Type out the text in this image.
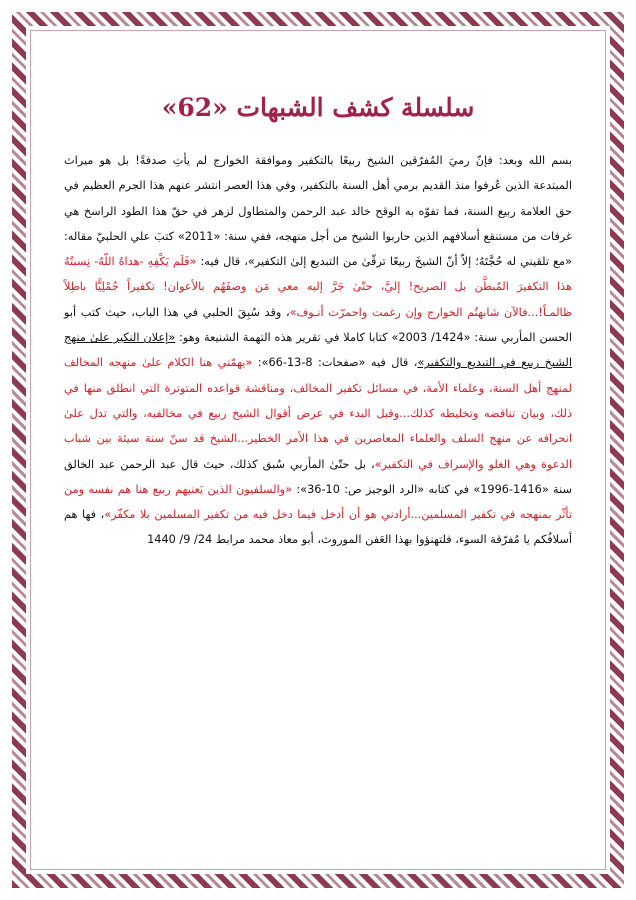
سلسلة كشف الشبهات «62»

بسم الله وبعد: فإنّ رميَ المُفرّقين الشيخ ربيعًا بالتكفير وموافقة الخوارج لم يأتِ صدفةً! بل هو ميراث المبتدعة الذين عُرفوا منذ القديم برمي أهل السنة بالتكفير، وفي هذا العصر انتشر عنهم هذا الجرم العظيم في حق العلامة ربيع السنة، فما تفوّه به الوقح خالد عبد الرحمن والمتطاول لزهر في حقّ هذا الطود الراسخ هي غرفات من مستنقع أسلافهم الذين حاربوا الشيخ من أجل منهجه، ففي سنة: «2011» كتبَ علي الحلبيّ مقاله: «مع تلقيني له حُجَّتَهُ؛ إلاّ أنّ الشيخَ ربيعًا ترقّىٰ من التبديع إلىٰ التكفير»، قال فيه: «فَلَم يَكْفِهِ -هداهُ اللّهُ- نِسبتُهُ هذا التكفيرَ المُبطَّن بل الصريح! إليَّ، حتّىٰ جَرَّ إليه معي مَن وصفَهُم بالأعوان! تكفيراً جُمْلِيًّا باطِلاً ظالمـاً!...فالآن شابهتُم الخوارج وإن رغمت واحمرّت أنـوف»، وقد سُبِقَ الحلبي في هذا الباب، حيث كتب أبو الحسن المأربي سنة: «1424/ 2003» كتابا كاملا في تقرير هذه التهمة الشنيعة وهو: «إعلان النكير علىٰ منهج الشيخ ربيع في التبديع والتكفير»، قال فيه «صفحات: 8-13-66»: «يهمّني هنا الكلام علىٰ منهجه المخالف لمنهج أهل السنة، وعلماء الأمة، في مسائل تكفير المخالف، ومناقشة قواعده المتوترة التي انطلق منها في ذلك، وبيان تناقضه وتخليطه كذلك...وقبل البدء في عرض أقوال الشيخ ربيع في مخالفيه، والتي تدل علىٰ انحرافه عن منهج السلف والعلماء المعاصرين في هذا الأمر الخطير...الشيخ قد سنّ سنة سيئة بين شباب الدعوة وهي الغلو والإسراف في التكفير»، بل حتّىٰ المأربي سُبق كذلك، حيث قال عبد الرحمن عبد الخالق سنة «1416-1996» في كتابه «الرد الوجيز ص: 10-36»: «والسلفيون الذين يَعنيهم ربيع هنا هم نفسه ومن تأثّر بمنهجه في تكفير المسلمين...أرادني هو أن أدخل فيما دخل فيه من تكفير المسلمين بلا مكفّر»، فها هم أسلافُكم يا مُفرّقة السوء، فلتهنؤوا بهذا العَفن الموروث، أبو معاذ محمد مرابط 24/ 9/ 1440
